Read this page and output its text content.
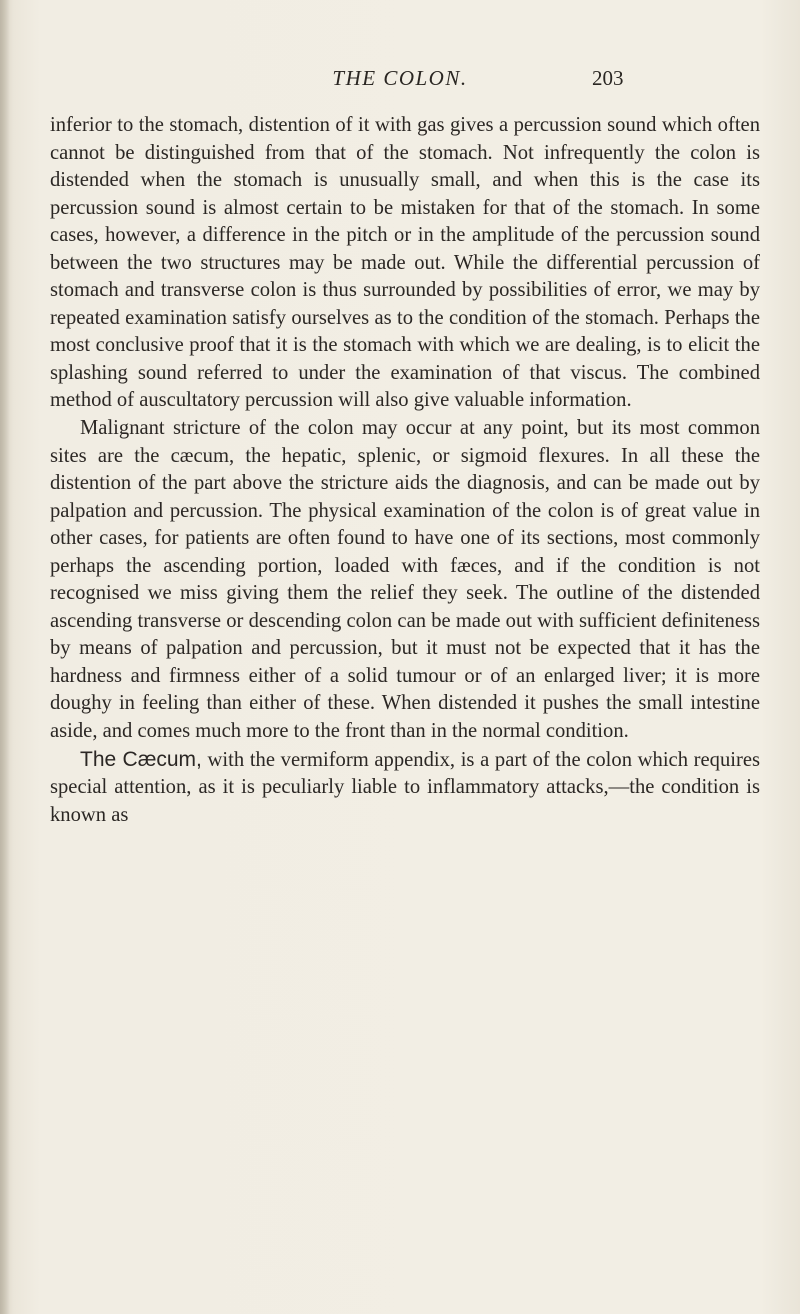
THE COLON.	203

inferior to the stomach, distention of it with gas gives a percussion sound which often cannot be distinguished from that of the stomach. Not infrequently the colon is distended when the stomach is unusually small, and when this is the case its percussion sound is almost certain to be mistaken for that of the stomach. In some cases, however, a difference in the pitch or in the amplitude of the percussion sound between the two structures may be made out. While the differential percussion of stomach and transverse colon is thus surrounded by possibilities of error, we may by repeated examination satisfy ourselves as to the condition of the stomach. Perhaps the most conclusive proof that it is the stomach with which we are dealing, is to elicit the splashing sound referred to under the examination of that viscus. The combined method of auscultatory percussion will also give valuable information.

Malignant stricture of the colon may occur at any point, but its most common sites are the cæcum, the hepatic, splenic, or sigmoid flexures. In all these the distention of the part above the stricture aids the diagnosis, and can be made out by palpation and percussion. The physical examination of the colon is of great value in other cases, for patients are often found to have one of its sections, most commonly perhaps the ascending portion, loaded with fæces, and if the condition is not recognised we miss giving them the relief they seek. The outline of the distended ascending transverse or descending colon can be made out with sufficient definiteness by means of palpation and percussion, but it must not be expected that it has the hardness and firmness either of a solid tumour or of an enlarged liver; it is more doughy in feeling than either of these. When distended it pushes the small intestine aside, and comes much more to the front than in the normal condition.

The Cæcum, with the vermiform appendix, is a part of the colon which requires special attention, as it is peculiarly liable to inflammatory attacks,—the condition is known as
